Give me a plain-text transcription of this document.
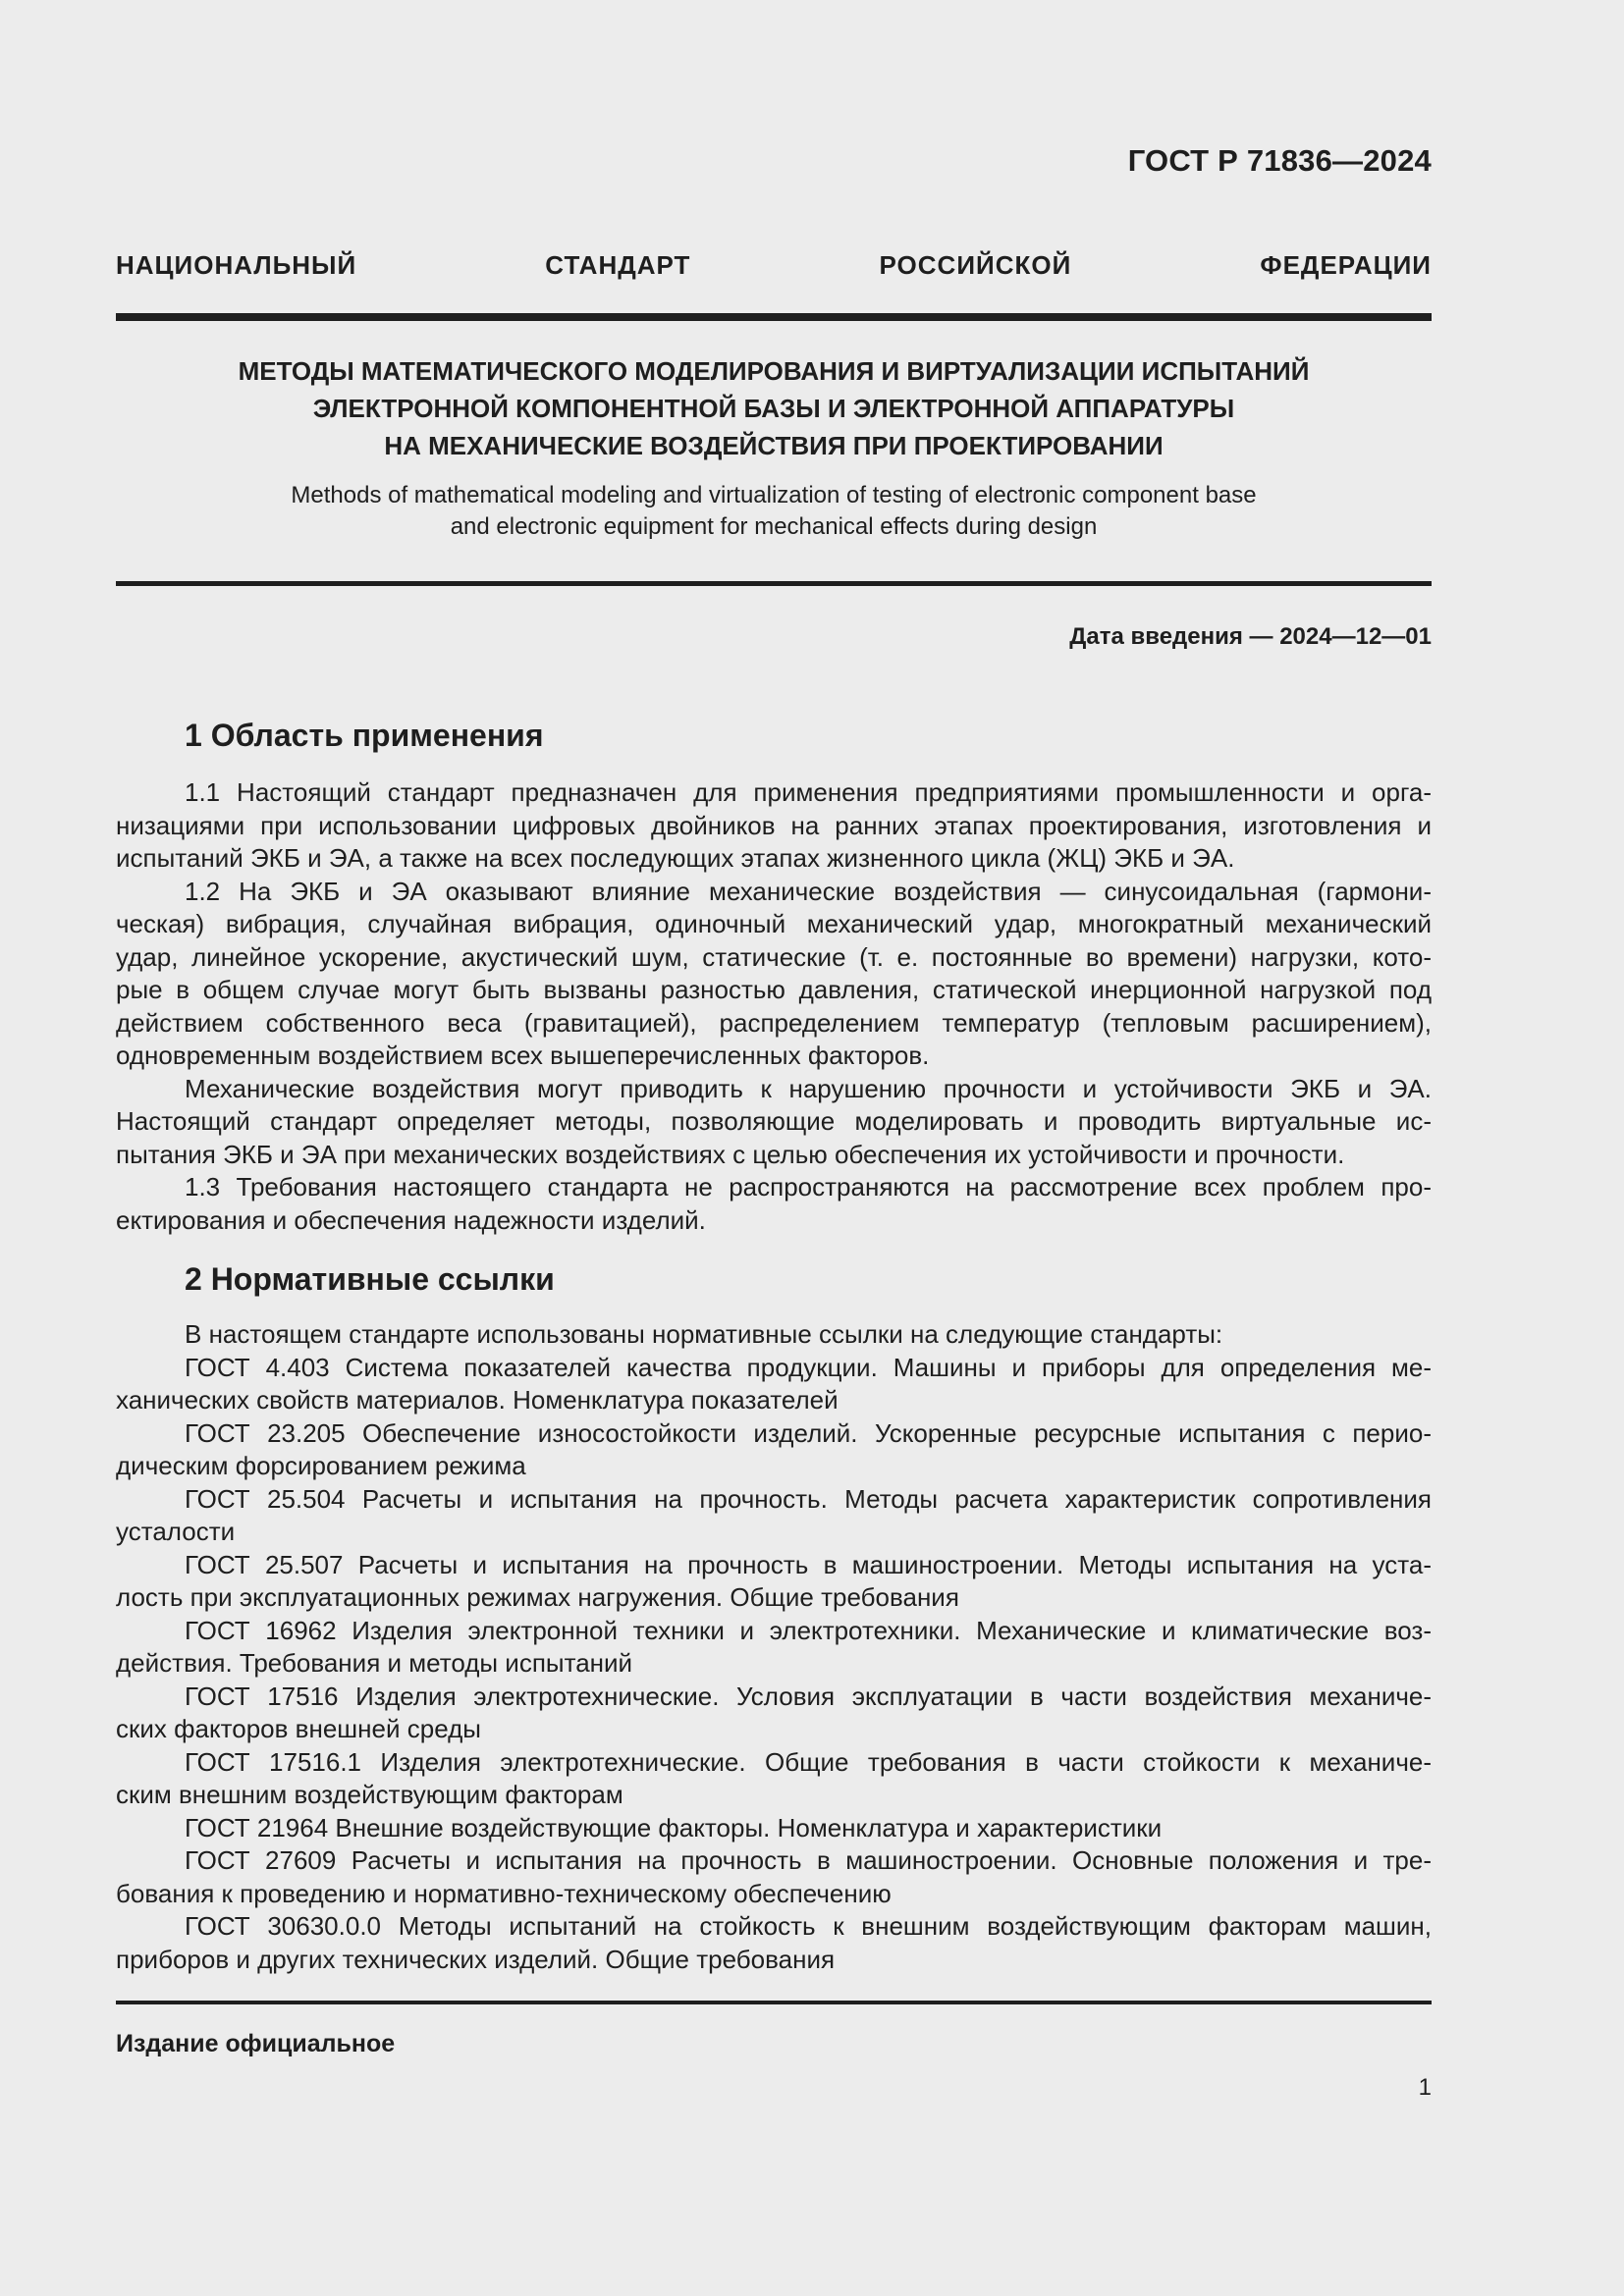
ГОСТ Р 71836—2024
НАЦИОНАЛЬНЫЙ СТАНДАРТ РОССИЙСКОЙ ФЕДЕРАЦИИ
МЕТОДЫ МАТЕМАТИЧЕСКОГО МОДЕЛИРОВАНИЯ И ВИРТУАЛИЗАЦИИ ИСПЫТАНИЙ
ЭЛЕКТРОННОЙ КОМПОНЕНТНОЙ БАЗЫ И ЭЛЕКТРОННОЙ АППАРАТУРЫ
НА МЕХАНИЧЕСКИЕ ВОЗДЕЙСТВИЯ ПРИ ПРОЕКТИРОВАНИИ
Methods of mathematical modeling and virtualization of testing of electronic component base
and electronic equipment for mechanical effects during design
Дата введения — 2024—12—01
1 Область применения
1.1 Настоящий стандарт предназначен для применения предприятиями промышленности и орга-
низациями при использовании цифровых двойников на ранних этапах проектирования, изготовления и
испытаний ЭКБ и ЭА, а также на всех последующих этапах жизненного цикла (ЖЦ) ЭКБ и ЭА.
1.2 На ЭКБ и ЭА оказывают влияние механические воздействия — синусоидальная (гармони-
ческая) вибрация, случайная вибрация, одиночный механический удар, многократный механический
удар, линейное ускорение, акустический шум, статические (т. е. постоянные во времени) нагрузки, кото-
рые в общем случае могут быть вызваны разностью давления, статической инерционной нагрузкой под
действием собственного веса (гравитацией), распределением температур (тепловым расширением),
одновременным воздействием всех вышеперечисленных факторов.
Механические воздействия могут приводить к нарушению прочности и устойчивости ЭКБ и ЭА.
Настоящий стандарт определяет методы, позволяющие моделировать и проводить виртуальные ис-
пытания ЭКБ и ЭА при механических воздействиях с целью обеспечения их устойчивости и прочности.
1.3 Требования настоящего стандарта не распространяются на рассмотрение всех проблем про-
ектирования и обеспечения надежности изделий.
2 Нормативные ссылки
В настоящем стандарте использованы нормативные ссылки на следующие стандарты:
ГОСТ 4.403 Система показателей качества продукции. Машины и приборы для определения ме-
ханических свойств материалов. Номенклатура показателей
ГОСТ 23.205 Обеспечение износостойкости изделий. Ускоренные ресурсные испытания с перио-
дическим форсированием режима
ГОСТ 25.504 Расчеты и испытания на прочность. Методы расчета характеристик сопротивления
усталости
ГОСТ 25.507 Расчеты и испытания на прочность в машиностроении. Методы испытания на уста-
лость при эксплуатационных режимах нагружения. Общие требования
ГОСТ 16962 Изделия электронной техники и электротехники. Механические и климатические воз-
действия. Требования и методы испытаний
ГОСТ 17516 Изделия электротехнические. Условия эксплуатации в части воздействия механиче-
ских факторов внешней среды
ГОСТ 17516.1 Изделия электротехнические. Общие требования в части стойкости к механиче-
ским внешним воздействующим факторам
ГОСТ 21964 Внешние воздействующие факторы. Номенклатура и характеристики
ГОСТ 27609 Расчеты и испытания на прочность в машиностроении. Основные положения и тре-
бования к проведению и нормативно-техническому обеспечению
ГОСТ 30630.0.0 Методы испытаний на стойкость к внешним воздействующим факторам машин,
приборов и других технических изделий. Общие требования
Издание официальное
1
